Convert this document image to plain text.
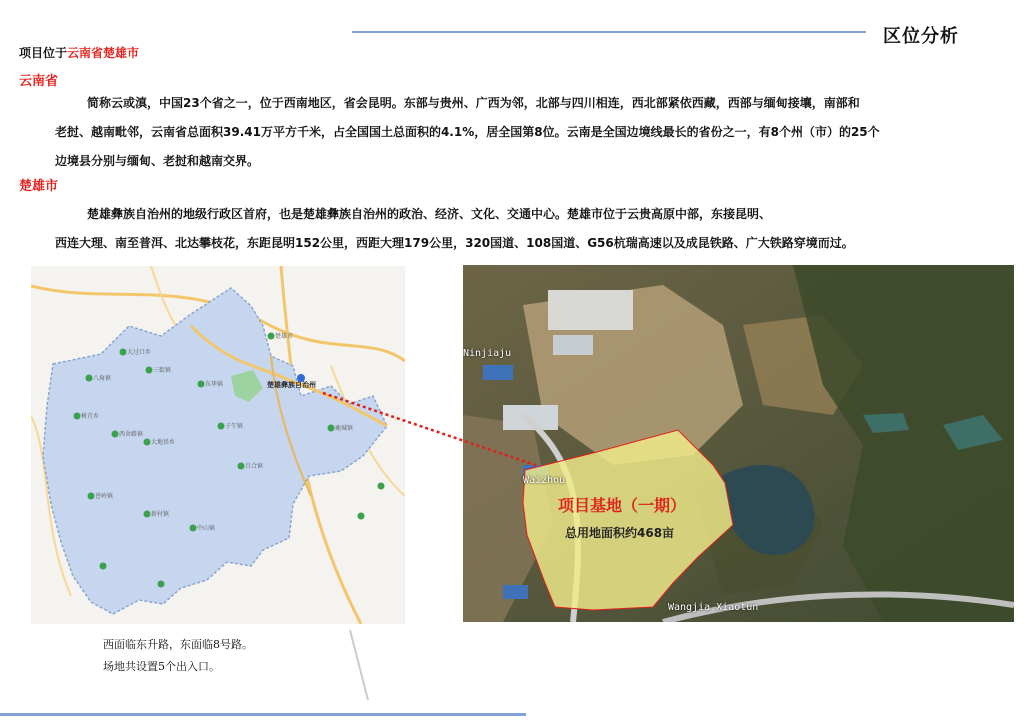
区位分析
项目位于云南省楚雄市
云南省
简称云或滇，中国23个省之一，位于西南地区，省会昆明。东部与贵州、广西为邻，北部与四川相连，西北部紧依西藏，西部与缅甸接壤，南部和
老挝、越南毗邻，云南省总面积39.41万平方千米，占全国国土总面积的4.1%，居全国第8位。云南是全国边境线最长的省份之一，有8个州（市）的25个
边境县分别与缅甸、老挝和越南交界。
楚雄市
楚雄彝族自治州的地级行政区首府，也是楚雄彝族自治州的政治、经济、文化、交通中心。楚雄市位于云贵高原中部，东接昆明、
西连大理、南至普洱、北达攀枝花，东距昆明152公里，西距大理179公里，320国道、108国道、G56杭瑞高速以及成昆铁路、广大铁路穿境而过。
八角镇
大过口乡
三街镇
东华镇
树苴乡
西舍路镇
大地基乡
子午镇
吕合镇
苍岭镇
新村镇
中山镇
鹿城镇
楚雄市
楚雄彝族自治州
项目基地（一期）
总用地面积约468亩
Ninjiaju
Waizhou
Wangjia Xiaotun
西面临东升路，东面临8号路。
场地共设置5个出入口。
